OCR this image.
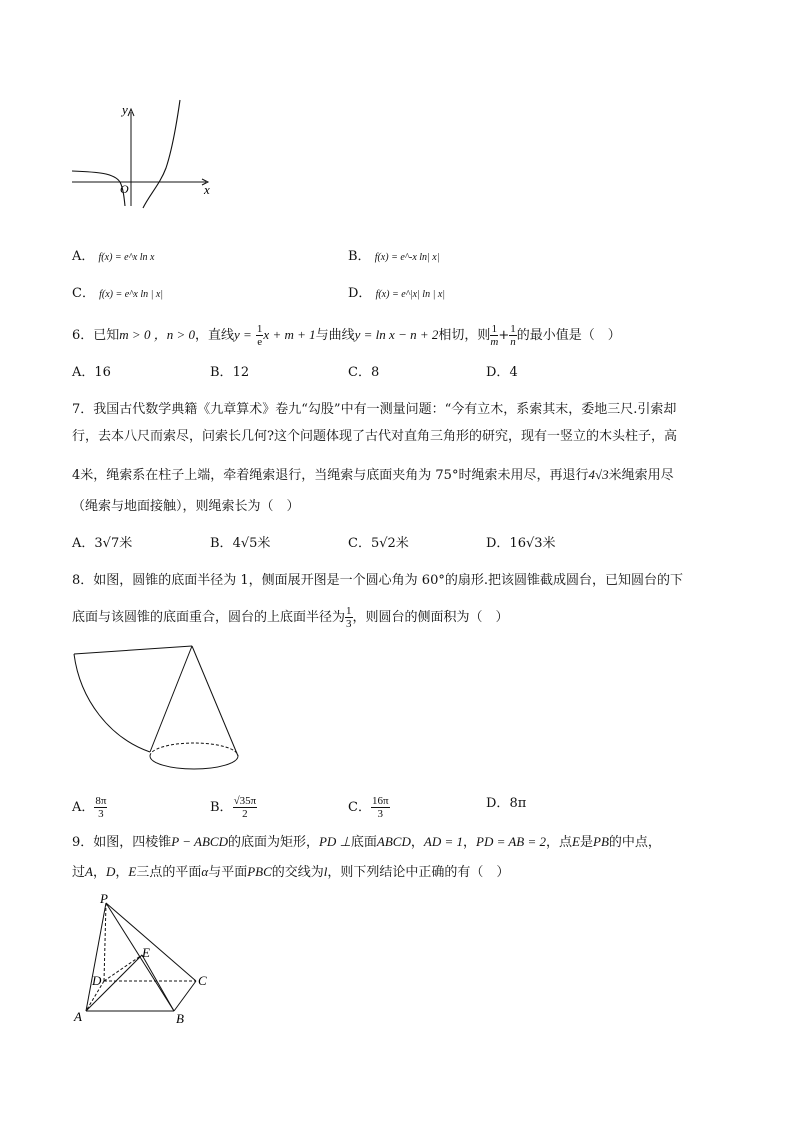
y
x
O
A． f(x) = e^x ln x	B． f(x) = e^-x ln| x|
C． f(x) = e^x ln | x|	D． f(x) = e^|x| ln | x|
6．已知m > 0 ，n > 0，直线$y = \frac{1}{e}$ x + m + 1与曲线y = ln x − n + 2相切，则 $\frac{1}{m} + \frac{1}{n}$ 的最小值是（　）
A．16	B．12	C．8	D．4
7．我国古代数学典籍《九章算术》卷九“勾股”中有一测量问题：“今有立木，系索其末，委地三尺.引索却
行，去本八尺而索尽，问索长几何?这个问题体现了古代对直角三角形的研究，现有一竖立的木头柱子，高
4米，绳索系在柱子上端，牵着绳索退行，当绳索与底面夹角为 75°时绳索未用尽，再退行4√3米绳索用尽
（绳索与地面接触），则绳索长为（　）
A．3√7米	B．4√5米	C．5√2米	D．16√3米
8．如图，圆锥的底面半径为 1，侧面展开图是一个圆心角为 60°的扇形.把该圆锥截成圆台，已知圆台的下
底面与该圆锥的底面重合，圆台的上底面半径为 $\frac{1}{3}$ ，则圆台的侧面积为（　）
A． $\frac{8\pi}{3}$	B． $\frac{√35\pi}{2}$	C． $\frac{16\pi}{3}$	D．8π
9．如图，四棱锥P − ABCD的底面为矩形，PD ⊥底面ABCD，AD = 1，PD = AB = 2，点E是PB的中点，
过A，D，E三点的平面α与平面PBC的交线为l，则下列结论中正确的有（　）
P
E
D	C
A	B
